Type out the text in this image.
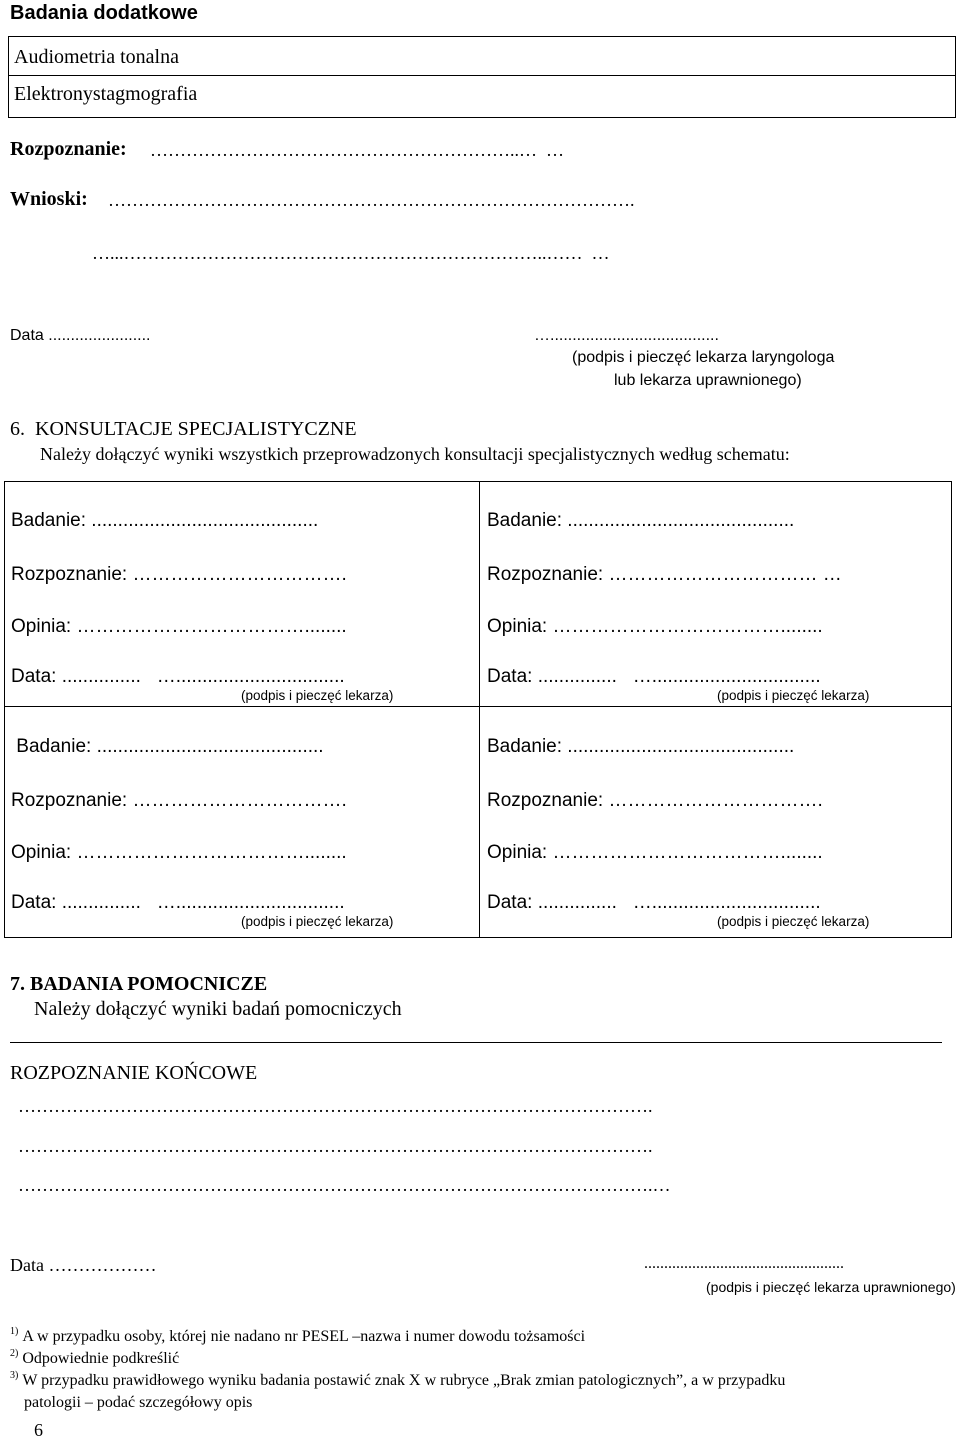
Badania dodatkowe
Audiometria tonalna
Elektronystagmografia
Rozpoznanie: ……………………………………………………..…  …
Wnioski: …………………………………………………………………………….
…...……………………………………………………………..……  …
Data .......................	…......................................
(podpis i pieczęć lekarza laryngologa
lub lekarza uprawnionego)
6.  KONSULTACJE SPECJALISTYCZNE
Należy dołączyć wyniki wszystkich przeprowadzonych konsultacji specjalistycznych według schematu:
Badanie: ...........................................
Rozpoznanie: …………………………….
Opinia: ………………………………........
Data: ...............   …................................
(podpis i pieczęć lekarza)
Badanie: ...........................................
Rozpoznanie: …………………………… …
Opinia: ………………………………........
Data: ...............   …................................
(podpis i pieczęć lekarza)
Badanie: ...........................................
Rozpoznanie: …………………………….
Opinia: ………………………………........
Data: ...............   …................................
(podpis i pieczęć lekarza)
Badanie: ...........................................
Rozpoznanie: …………………………….
Opinia: ………………………………........
Data: ...............   …................................
(podpis i pieczęć lekarza)
7. BADANIA POMOCNICZE
Należy dołączyć wyniki badań pomocniczych
ROZPOZNANIE KOŃCOWE
…………………………………………………………………………………………….
…………………………………………………………………………………………….
…………………………………………………………………………………………….…
Data ………………	..................................................
(podpis i pieczęć lekarza uprawnionego)
$^{1)}$ A w przypadku osoby, której nie nadano nr PESEL –nazwa i numer dowodu tożsamości
$^{2)}$ Odpowiednie podkreślić
$^{3)}$ W przypadku prawidłowego wyniku badania postawić znak X w rubryce „Brak zmian patologicznych”, a w przypadku
patologii – podać szczegółowy opis
6
